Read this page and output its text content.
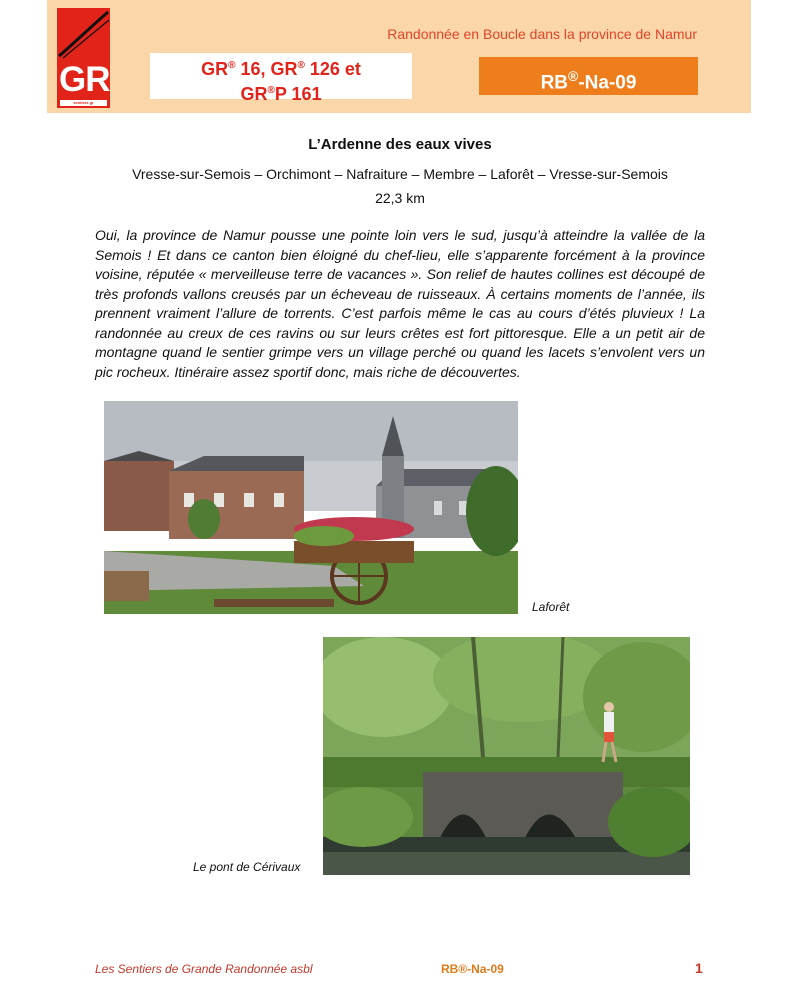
GR
sentiers gr
Randonnée en Boucle dans la province de Namur
GR® 16, GR® 126 et
GR®P 161
RB®-Na-09
L’Ardenne des eaux vives
Vresse-sur-Semois – Orchimont – Nafraiture – Membre – Laforêt – Vresse-sur-Semois
22,3 km

Oui, la province de Namur pousse une pointe loin vers le sud, jusqu’à atteindre la vallée de la Semois ! Et dans ce canton bien éloigné du chef-lieu, elle s’apparente forcément à la province voisine, réputée « merveilleuse terre de vacances ». Son relief de hautes collines est découpé de très profonds vallons creusés par un écheveau de ruisseaux. À certains moments de l’année, ils prennent vraiment l’allure de torrents. C’est parfois même le cas au cours d’étés pluvieux ! La randonnée au creux de ces ravins ou sur leurs crêtes est fort pittoresque. Elle a un petit air de montagne quand le sentier grimpe vers un village perché ou quand les lacets s’envolent vers un pic rocheux. Itinéraire assez sportif donc, mais riche de découvertes.

Laforêt
Le pont de Cérivaux
Les Sentiers de Grande Randonnée asbl	RB®-Na-09	1
